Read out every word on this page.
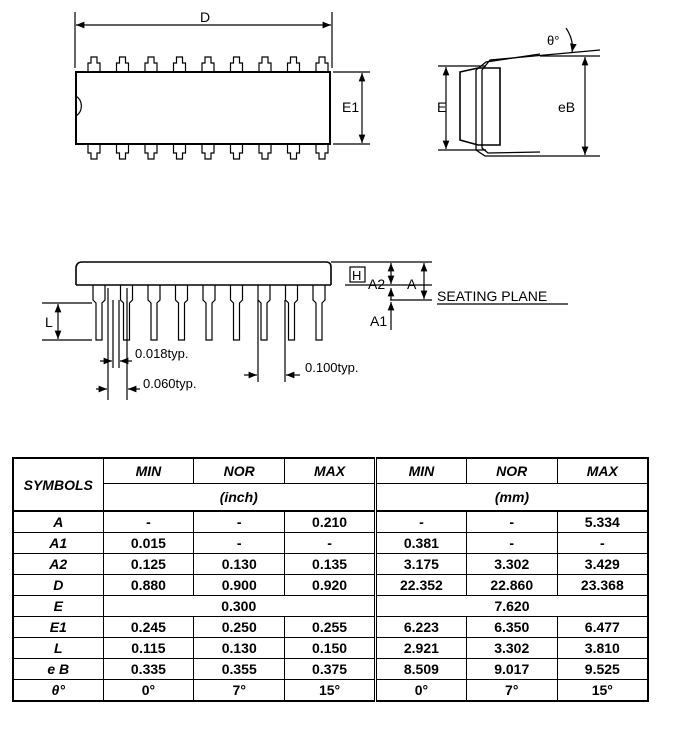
D
E1	E
θ°
eB
H
A2 A
A1
SEATING PLANE
L
0.018typ.
0.060typ.
0.100typ.
SYMBOLS	MIN	NOR	MAX	MIN	NOR	MAX
	(inch)			(mm)		
A	-	-	0.210	-	-	5.334
A1	0.015	-	-	0.381	-	-
A2	0.125	0.130	0.135	3.175	3.302	3.429
D	0.880	0.900	0.920	22.352	22.860	23.368
E	0.300			7.620		
E1	0.245	0.250	0.255	6.223	6.350	6.477
L	0.115	0.130	0.150	2.921	3.302	3.810
e B	0.335	0.355	0.375	8.509	9.017	9.525
θ°	0°	7°	15°	0°	7°	15°
